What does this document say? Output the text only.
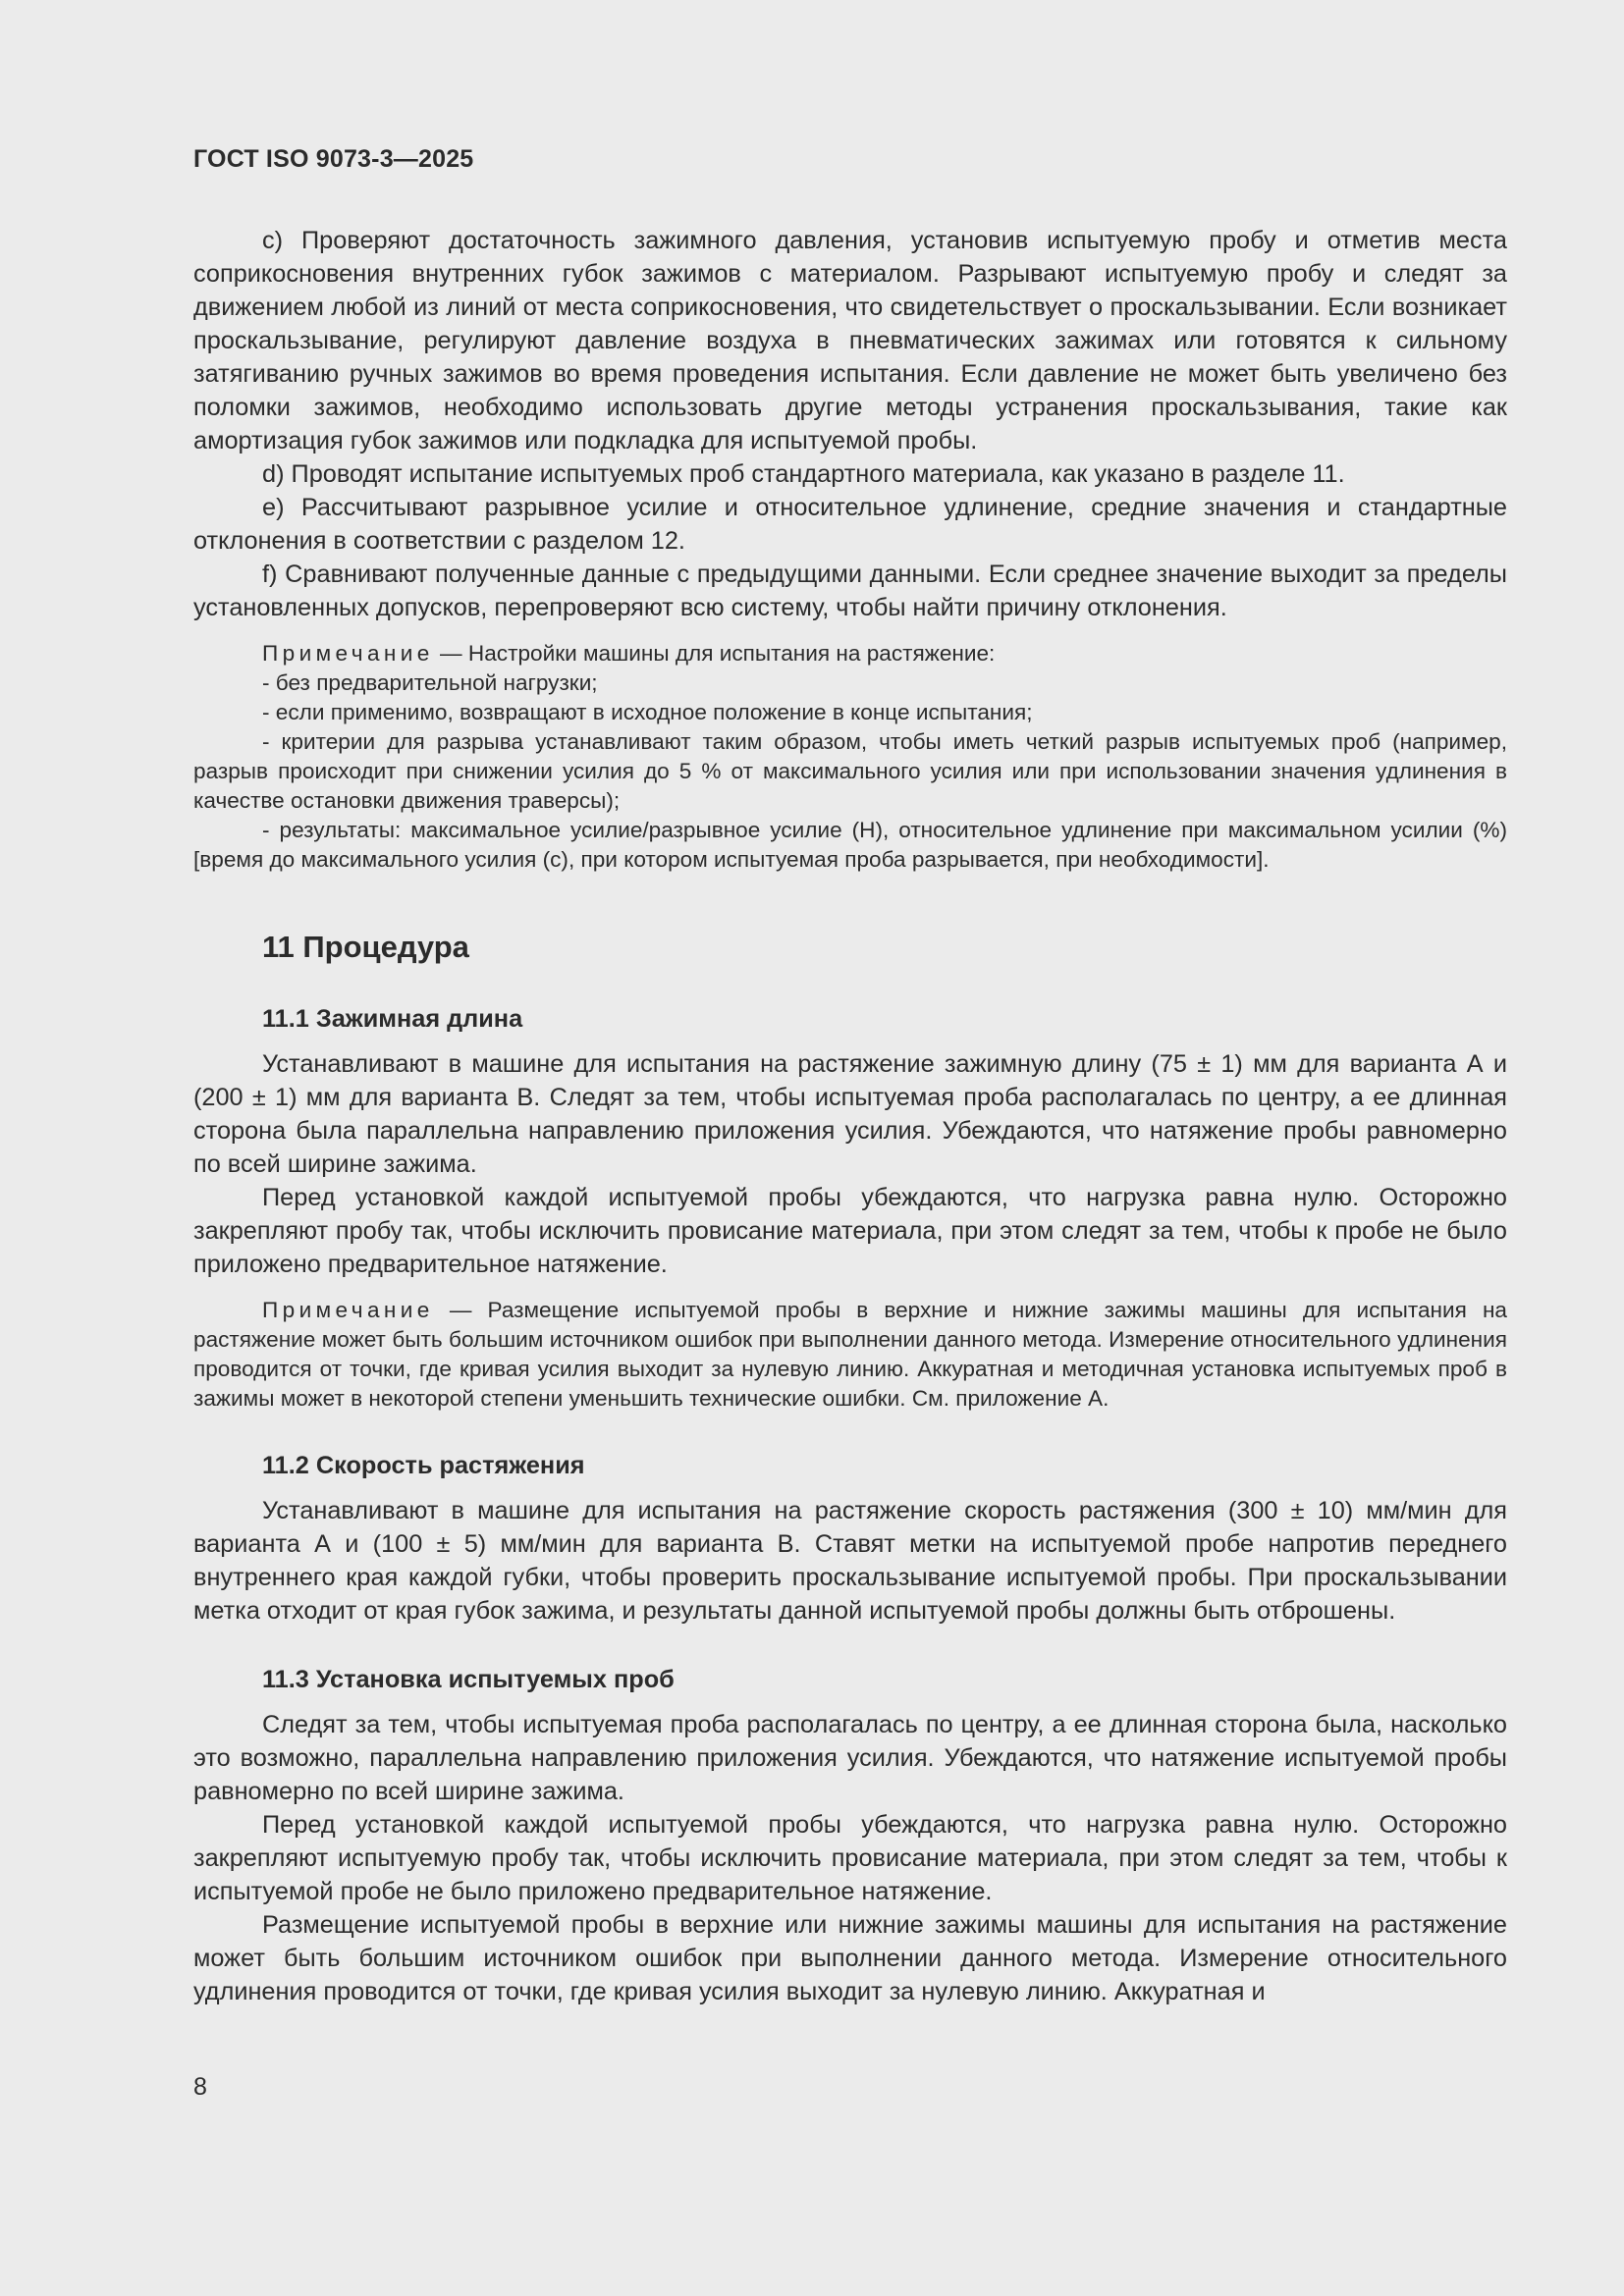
ГОСТ ISO 9073-3—2025

c) Проверяют достаточность зажимного давления, установив испытуемую пробу и отметив места соприкосновения внутренних губок зажимов с материалом. Разрывают испытуемую пробу и следят за движением любой из линий от места соприкосновения, что свидетельствует о проскальзывании. Если возникает проскальзывание, регулируют давление воздуха в пневматических зажимах или готовятся к сильному затягиванию ручных зажимов во время проведения испытания. Если давление не может быть увеличено без поломки зажимов, необходимо использовать другие методы устранения проскальзывания, такие как амортизация губок зажимов или подкладка для испытуемой пробы.

d) Проводят испытание испытуемых проб стандартного материала, как указано в разделе 11.

e) Рассчитывают разрывное усилие и относительное удлинение, средние значения и стандартные отклонения в соответствии с разделом 12.

f) Сравнивают полученные данные с предыдущими данными. Если среднее значение выходит за пределы установленных допусков, перепроверяют всю систему, чтобы найти причину отклонения.

Примечание — Настройки машины для испытания на растяжение:

- без предварительной нагрузки;

- если применимо, возвращают в исходное положение в конце испытания;

- критерии для разрыва устанавливают таким образом, чтобы иметь четкий разрыв испытуемых проб (например, разрыв происходит при снижении усилия до 5 % от максимального усилия или при использовании значения удлинения в качестве остановки движения траверсы);

- результаты: максимальное усилие/разрывное усилие (Н), относительное удлинение при максимальном усилии (%) [время до максимального усилия (с), при котором испытуемая проба разрывается, при необходимости].

11 Процедура
11.1 Зажимная длина

Устанавливают в машине для испытания на растяжение зажимную длину (75 ± 1) мм для варианта А и (200 ± 1) мм для варианта В. Следят за тем, чтобы испытуемая проба располагалась по центру, а ее длинная сторона была параллельна направлению приложения усилия. Убеждаются, что натяжение пробы равномерно по всей ширине зажима.

Перед установкой каждой испытуемой пробы убеждаются, что нагрузка равна нулю. Осторожно закрепляют пробу так, чтобы исключить провисание материала, при этом следят за тем, чтобы к пробе не было приложено предварительное натяжение.

Примечание — Размещение испытуемой пробы в верхние и нижние зажимы машины для испытания на растяжение может быть большим источником ошибок при выполнении данного метода. Измерение относительного удлинения проводится от точки, где кривая усилия выходит за нулевую линию. Аккуратная и методичная установка испытуемых проб в зажимы может в некоторой степени уменьшить технические ошибки. См. приложение А.

11.2 Скорость растяжения

Устанавливают в машине для испытания на растяжение скорость растяжения (300 ± 10) мм/мин для варианта А и (100 ± 5) мм/мин для варианта В. Ставят метки на испытуемой пробе напротив переднего внутреннего края каждой губки, чтобы проверить проскальзывание испытуемой пробы. При проскальзывании метка отходит от края губок зажима, и результаты данной испытуемой пробы должны быть отброшены.

11.3 Установка испытуемых проб

Следят за тем, чтобы испытуемая проба располагалась по центру, а ее длинная сторона была, насколько это возможно, параллельна направлению приложения усилия. Убеждаются, что натяжение испытуемой пробы равномерно по всей ширине зажима.

Перед установкой каждой испытуемой пробы убеждаются, что нагрузка равна нулю. Осторожно закрепляют испытуемую пробу так, чтобы исключить провисание материала, при этом следят за тем, чтобы к испытуемой пробе не было приложено предварительное натяжение.

Размещение испытуемой пробы в верхние или нижние зажимы машины для испытания на растяжение может быть большим источником ошибок при выполнении данного метода. Измерение относительного удлинения проводится от точки, где кривая усилия выходит за нулевую линию. Аккуратная и

8
